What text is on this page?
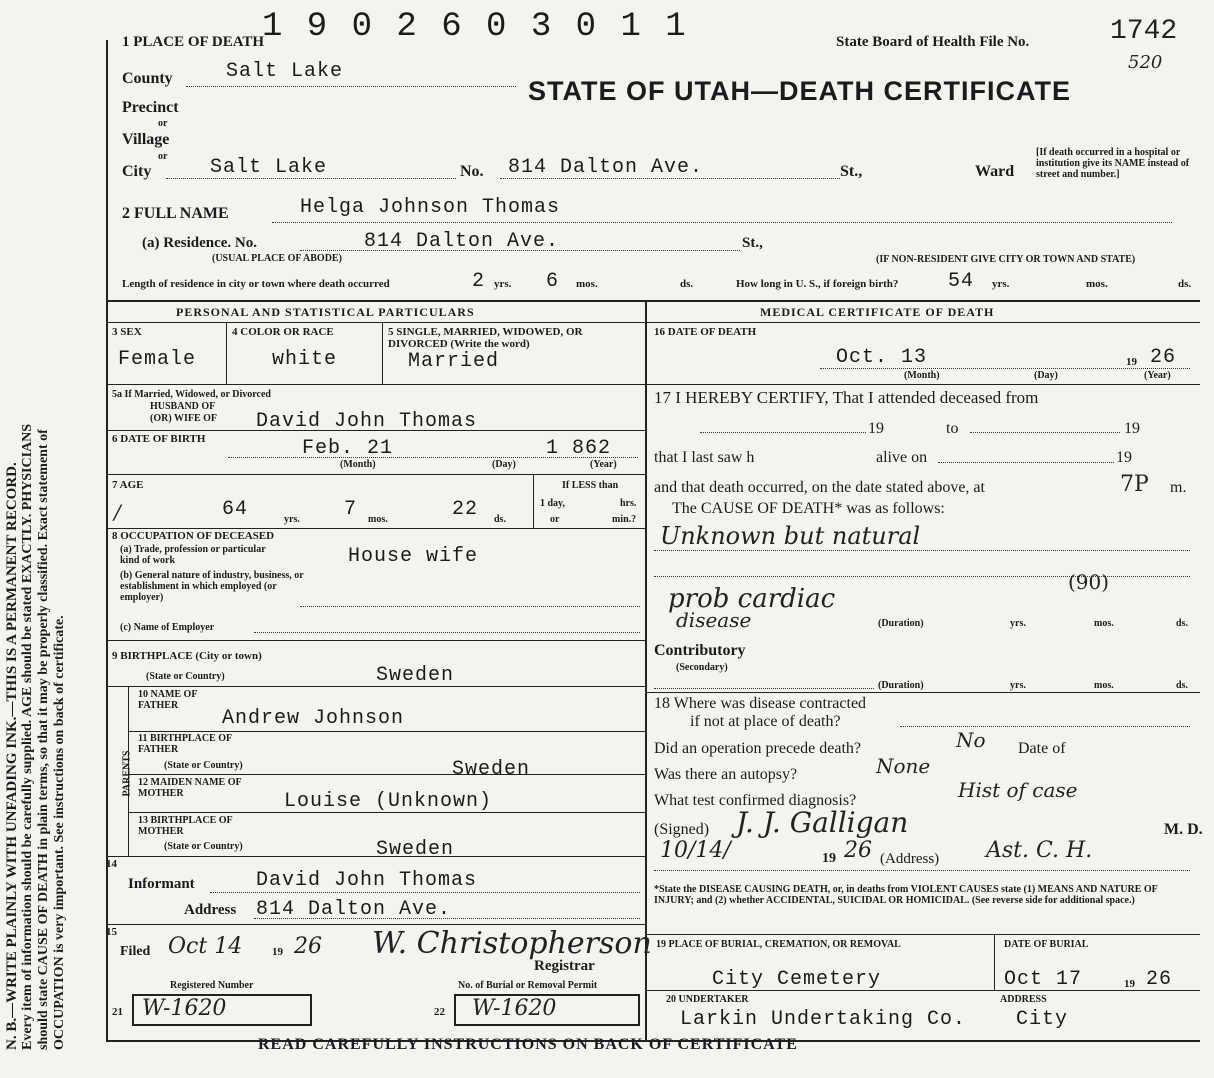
N. B.—WRITE PLAINLY WITH UNFADING INK.—THIS IS A PERMANENT RECORD. Every item of information should be carefully supplied. AGE should be stated EXACTLY. PHYSICIANS should state CAUSE OF DEATH in plain terms, so that it may be properly classified. Exact statement of OCCUPATION is very important. See instructions on back of certificate.
1 9 0 2 6 0 3 0 1 1
1 PLACE OF DEATH	State Board of Health File No.	1742
520
STATE OF UTAH—DEATH CERTIFICATE
County	Salt Lake
Precinct
or
Village
or
City	Salt Lake	No. 814 Dalton Ave.	St.,	Ward
[If death occurred in a hospital or institution give its NAME instead of street and number.]
2 FULL NAME	Helga Johnson Thomas
(a) Residence. No.
(USUAL PLACE OF ABODE)
814 Dalton Ave.	St.,
(IF NON-RESIDENT GIVE CITY OR TOWN AND STATE)
Length of residence in city or town where death occurred	2 yrs. 6 mos.	ds.	How long in U. S., if foreign birth? 54 yrs.	mos.	ds.
PERSONAL AND STATISTICAL PARTICULARS
3 SEX
Female
4 COLOR OR RACE
white
5 SINGLE, MARRIED, WIDOWED, OR DIVORCED (Write the word)
Married
5a If Married, Widowed, or Divorced
HUSBAND OF
(OR) WIFE OF David John Thomas
6 DATE OF BIRTH	Feb. 21	1 862
(Month)	(Day)	(Year)
7 AGE
/	64	yrs. 7 mos.	22 ds.
If LESS than
1 day,	hrs.
or	min.?
8 OCCUPATION OF DECEASED
(a) Trade, profession or particular kind of work	House wife
(b) General nature of industry, business, or establishment in which employed (or employer)
(c) Name of Employer
9 BIRTHPLACE (City or town)
(State or Country)	Sweden
PARENTS
10 NAME OF FATHER
Andrew Johnson
11 BIRTHPLACE OF FATHER
(State or Country)	Sweden
12 MAIDEN NAME OF MOTHER	Louise (Unknown)
13 BIRTHPLACE OF MOTHER
(State or Country)	Sweden
14
Informant	David John Thomas
Address 814 Dalton Ave.
15
Filed Oct 14	19 26 W. Christopherson
Registrar
Registered Number
21 W-1620
No. of Burial or Removal Permit
22 W-1620
MEDICAL CERTIFICATE OF DEATH
16 DATE OF DEATH
Oct. 13	19 26
(Month)	(Day)	(Year)
17 I HEREBY CERTIFY, That I attended deceased from
19	to	19
that I last saw h	alive on	19
and that death occurred, on the date stated above, at	7P m.
The CAUSE OF DEATH* was as follows:
Unknown but natural
prob cardiac
(90)
disease	(Duration)	yrs.	mos.	ds.
Contributory
(Secondary)
(Duration)	yrs.	mos.	ds.
18 Where was disease contracted
if not at place of death?
Did an operation precede death?	No Date of
Was there an autopsy?	None
What test confirmed diagnosis?	Hist of case
(Signed) J. J. Galligan	M. D.
10/14/	19 26 (Address) Ast. C. H.
*State the DISEASE CAUSING DEATH, or, in deaths from VIOLENT CAUSES state (1) MEANS AND NATURE OF INJURY; and (2) whether ACCIDENTAL, SUICIDAL OR HOMICIDAL. (See reverse side for additional space.)
19 PLACE OF BURIAL, CREMATION, OR REMOVAL
City Cemetery
DATE OF BURIAL
Oct 17	19 26
20 UNDERTAKER
Larkin Undertaking Co.
ADDRESS
City
READ CAREFULLY INSTRUCTIONS ON BACK OF CERTIFICATE
